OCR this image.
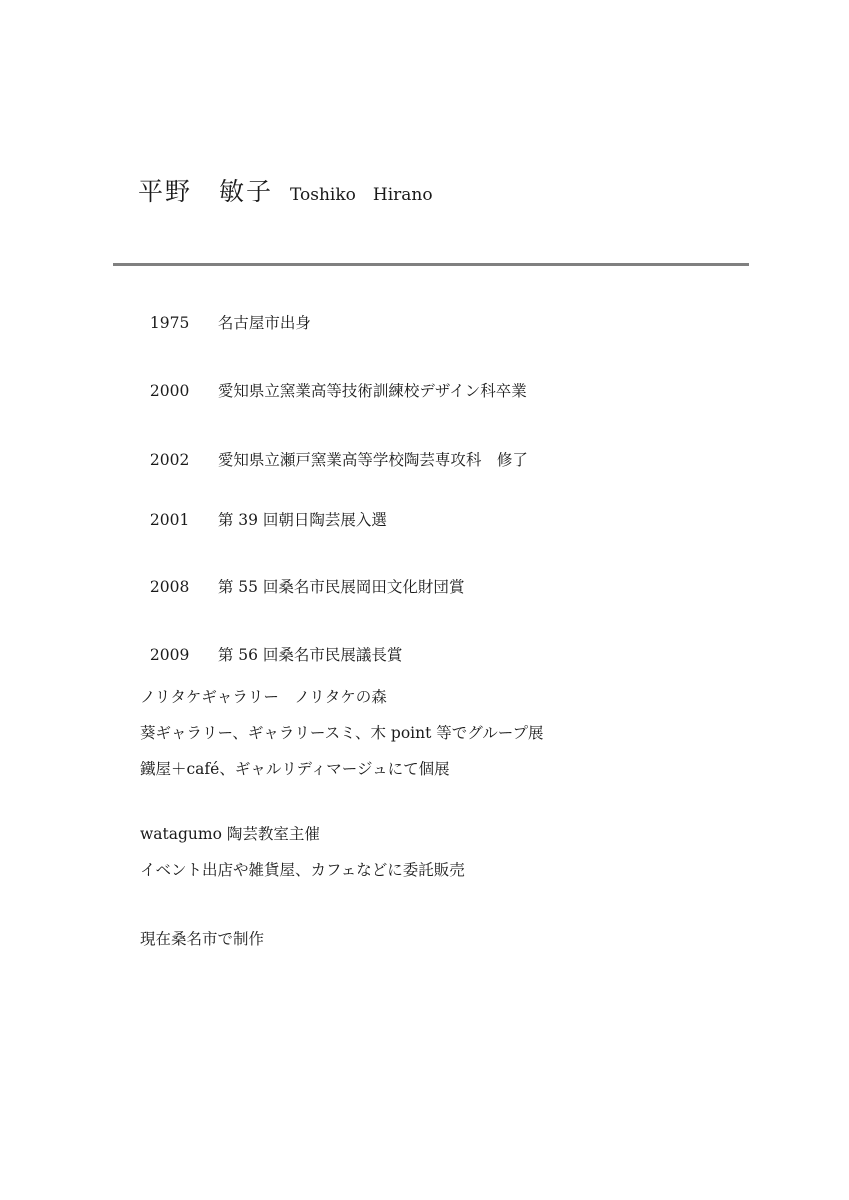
平野　敏子 Toshiko　Hirano

1975 名古屋市出身

2000 愛知県立窯業高等技術訓練校デザイン科卒業

2002 愛知県立瀬戸窯業高等学校陶芸専攻科　修了

2001 第 39 回朝日陶芸展入選

2008 第 55 回桑名市民展岡田文化財団賞

2009 第 56 回桑名市民展議長賞

ノリタケギャラリー　ノリタケの森
葵ギャラリー、ギャラリースミ、木 point 等でグループ展
鐵屋＋café、ギャルリディマージュにて個展
watagumo 陶芸教室主催
イベント出店や雑貨屋、カフェなどに委託販売
現在桑名市で制作
